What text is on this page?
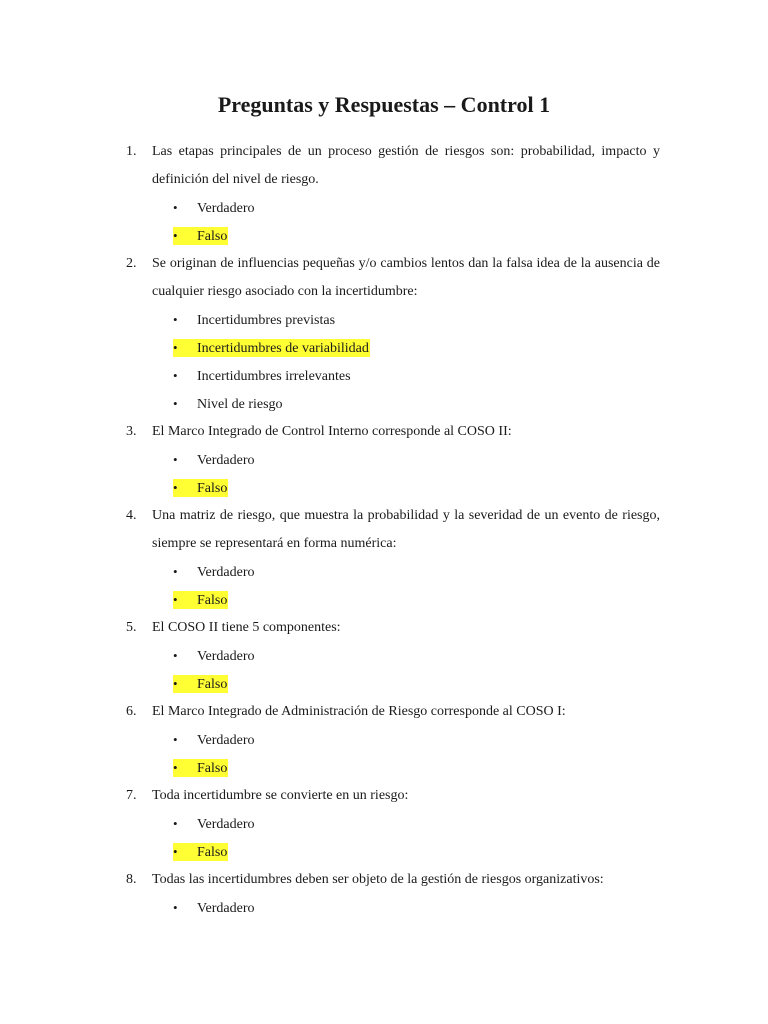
Preguntas y Respuestas – Control 1
1.	Las etapas principales de un proceso gestión de riesgos son: probabilidad, impacto y definición del nivel de riesgo.
• Verdadero
• Falso
2.	Se originan de influencias pequeñas y/o cambios lentos dan la falsa idea de la ausencia de cualquier riesgo asociado con la incertidumbre:
• Incertidumbres previstas
• Incertidumbres de variabilidad
• Incertidumbres irrelevantes
• Nivel de riesgo
3.	El Marco Integrado de Control Interno corresponde al COSO II:
• Verdadero
• Falso
4.	Una matriz de riesgo, que muestra la probabilidad y la severidad de un evento de riesgo, siempre se representará en forma numérica:
• Verdadero
• Falso
5.	El COSO II tiene 5 componentes:
• Verdadero
• Falso
6.	El Marco Integrado de Administración de Riesgo corresponde al COSO I:
• Verdadero
• Falso
7.	Toda incertidumbre se convierte en un riesgo:
• Verdadero
• Falso
8.	Todas las incertidumbres deben ser objeto de la gestión de riesgos organizativos:
• Verdadero
